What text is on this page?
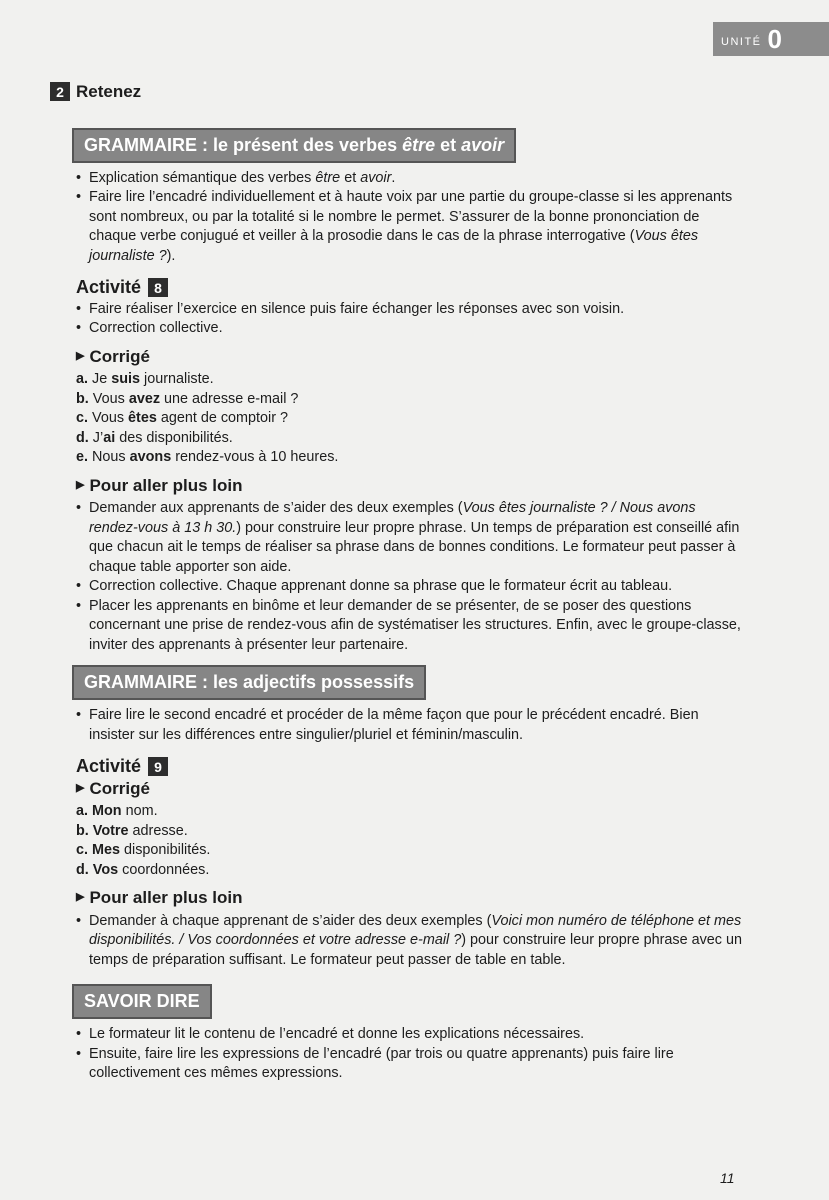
UNITÉ 0
2 Retenez
GRAMMAIRE : le présent des verbes être et avoir
• Explication sémantique des verbes être et avoir.
• Faire lire l’encadré individuellement et à haute voix par une partie du groupe-classe si les apprenants sont nombreux, ou par la totalité si le nombre le permet. S’assurer de la bonne prononciation de chaque verbe conjugué et veiller à la prosodie dans le cas de la phrase interrogative (Vous êtes journaliste ?).
Activité 8
• Faire réaliser l’exercice en silence puis faire échanger les réponses avec son voisin.
• Correction collective.
▶ Corrigé
a. Je suis journaliste.
b. Vous avez une adresse e-mail ?
c. Vous êtes agent de comptoir ?
d. J’ai des disponibilités.
e. Nous avons rendez-vous à 10 heures.
▶ Pour aller plus loin
• Demander aux apprenants de s’aider des deux exemples (Vous êtes journaliste ? / Nous avons rendez-vous à 13 h 30.) pour construire leur propre phrase. Un temps de préparation est conseillé afin que chacun ait le temps de réaliser sa phrase dans de bonnes conditions. Le formateur peut passer à chaque table apporter son aide.
• Correction collective. Chaque apprenant donne sa phrase que le formateur écrit au tableau.
• Placer les apprenants en binôme et leur demander de se présenter, de se poser des questions concernant une prise de rendez-vous afin de systématiser les structures. Enfin, avec le groupe-classe, inviter des apprenants à présenter leur partenaire.
GRAMMAIRE : les adjectifs possessifs
• Faire lire le second encadré et procéder de la même façon que pour le précédent encadré. Bien insister sur les différences entre singulier/pluriel et féminin/masculin.
Activité 9
▶ Corrigé
a. Mon nom.
b. Votre adresse.
c. Mes disponibilités.
d. Vos coordonnées.
▶ Pour aller plus loin
• Demander à chaque apprenant de s’aider des deux exemples (Voici mon numéro de téléphone et mes disponibilités. / Vos coordonnées et votre adresse e-mail ?) pour construire leur propre phrase avec un temps de préparation suffisant. Le formateur peut passer de table en table.
SAVOIR DIRE
• Le formateur lit le contenu de l’encadré et donne les explications nécessaires.
• Ensuite, faire lire les expressions de l’encadré (par trois ou quatre apprenants) puis faire lire collectivement ces mêmes expressions.
11
